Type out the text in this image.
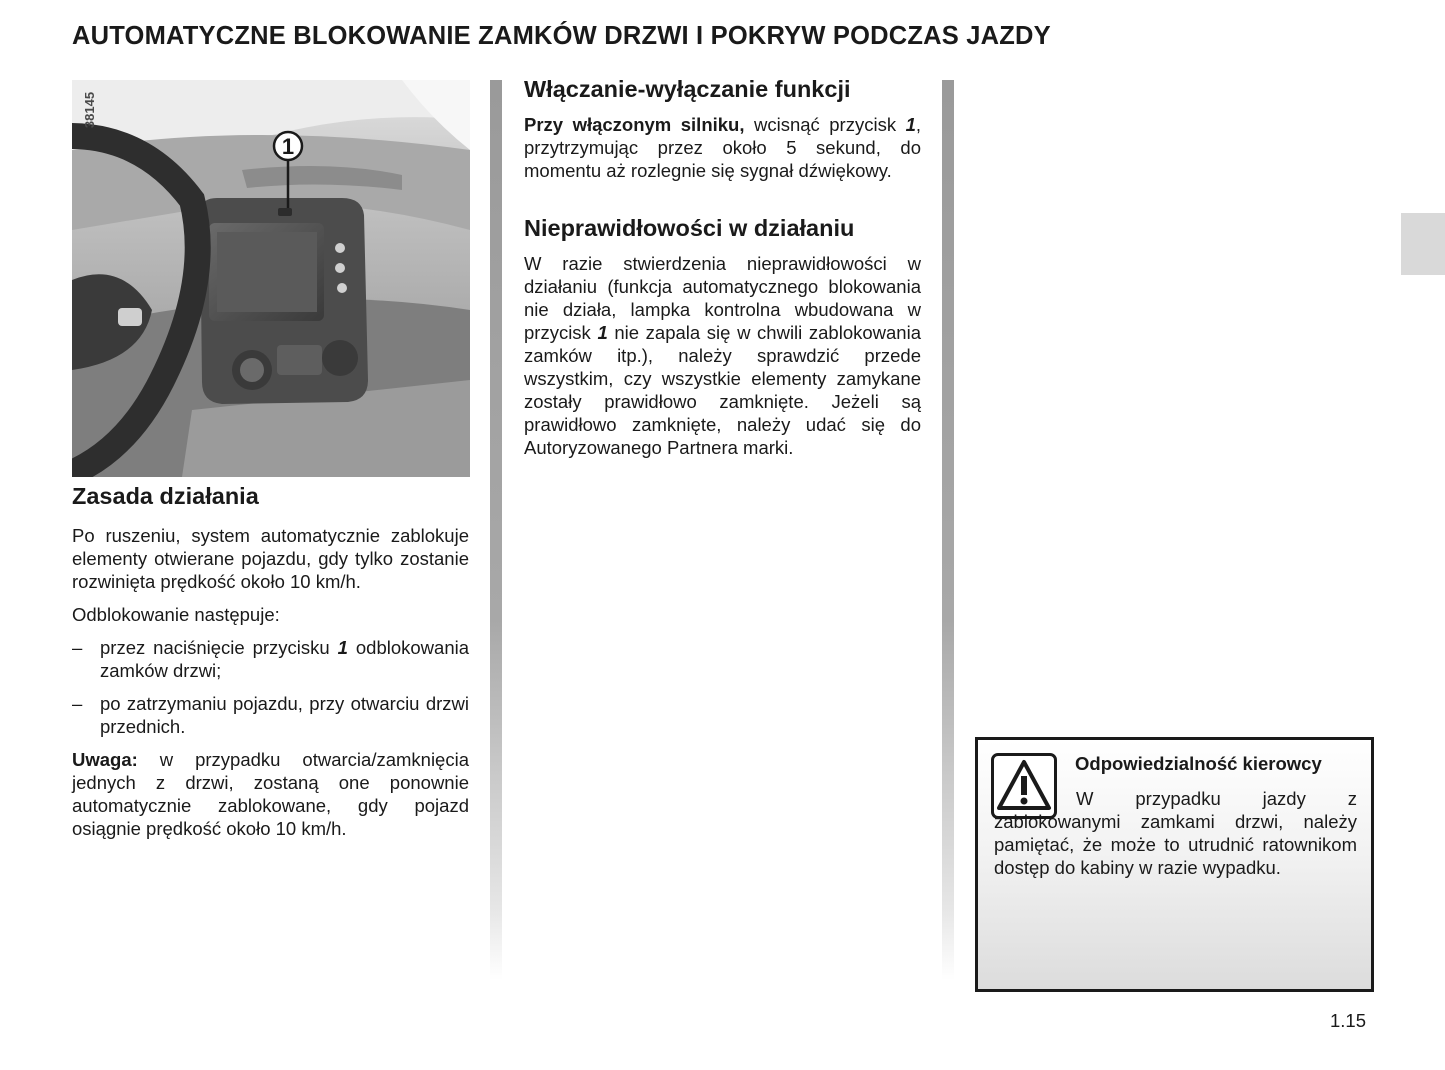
AUTOMATYCZNE BLOKOWANIE ZAMKÓW DRZWI I POKRYW PODCZAS JAZDY
1
38145
Zasada działania

Po ruszeniu, system automatycznie zablokuje elementy otwierane pojazdu, gdy tylko zostanie rozwinięta prędkość około 10 km/h.

Odblokowanie następuje:

– przez naciśnięcie przycisku 1 odblokowania zamków drzwi;
– po zatrzymaniu pojazdu, przy otwarciu drzwi przednich.

Uwaga: w przypadku otwarcia/zamknięcia jednych z drzwi, zostaną one ponownie automatycznie zablokowane, gdy pojazd osiągnie prędkość około 10 km/h.

Włączanie-wyłączanie funkcji

Przy włączonym silniku, wcisnąć przycisk 1, przytrzymując przez około 5 sekund, do momentu aż rozlegnie się sygnał dźwiękowy.

Nieprawidłowości w działaniu

W razie stwierdzenia nieprawidłowości w działaniu (funkcja automatycznego blokowania nie działa, lampka kontrolna wbudowana w przycisk 1 nie zapala się w chwili zablokowania zamków itp.), należy sprawdzić przede wszystkim, czy wszystkie elementy zamykane zostały prawidłowo zamknięte. Jeżeli są prawidłowo zamknięte, należy udać się do Autoryzowanego Partnera marki.

Odpowiedzialność kierowcy
W przypadku jazdy z zablokowanymi zamkami drzwi, należy pamiętać, że może to utrudnić ratownikom dostęp do kabiny w razie wypadku.
1.15
